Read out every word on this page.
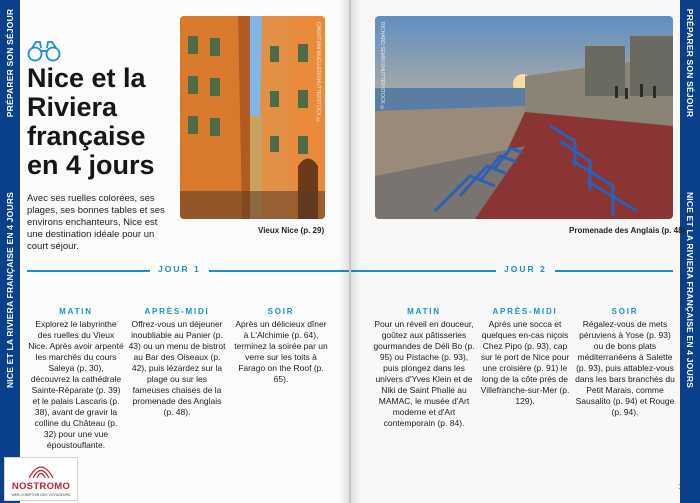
PRÉPARER SON SÉJOUR
NICE ET LA RIVIERA FRANÇAISE EN 4 JOURS
Nice et la Riviera française en 4 jours
Avec ses ruelles colorées, ses plages, ses bonnes tables et ses environs enchanteurs, Nice est une destination idéale pour un court séjour.
CHRISTIAN MUELLER/SHUTTERSTOCK ©
Vieux Nice (p. 29)
JOUR 1
MATIN
Explorez le labyrinthe des ruelles du Vieux Nice. Après avoir arpenté les marchés du cours Saleya (p. 30), découvrez la cathédrale Sainte-Réparate (p. 39) et le palais Lascaris (p. 38), avant de gravir la colline du Château (p. 32) pour une vue époustouflante.
APRÈS-MIDI
Offrez-vous un déjeuner inoubliable au Panier (p. 43) ou un menu de bistrot au Bar des Oiseaux (p. 42), puis lézardez sur la plage ou sur les fameuses chaises de la promenade des Anglais (p. 48).
SOIR
Après un délicieux dîner à L'Alchimie (p. 64), terminez la soirée par un verre sur les toits à Farago on the Roof (p. 65).
NOSTROMO
WEB COMPTOIR DES VOYAGEURS
PRÉPARER SON SÉJOUR
NICE ET LA RIVIERA FRANÇAISE EN 4 JOURS
RICHARD SEMIK/SHUTTERSTOCK ©
Promenade des Anglais (p. 48)
JOUR 2
MATIN
Pour un réveil en douceur, goûtez aux pâtisseries gourmandes de Déli Bo (p. 95) ou Pistache (p. 93), puis plongez dans les univers d'Yves Klein et de Niki de Saint Phalle au MAMAC, le musée d'Art moderne et d'Art contemporain (p. 84).
APRÈS-MIDI
Après une socca et quelques en-cas niçois Chez Pipo (p. 93), cap sur le port de Nice pour une croisière (p. 91) le long de la côte près de Villefranche-sur-Mer (p. 129).
SOIR
Régalez-vous de mets péruviens à Yose (p. 93) ou de bons plats méditerranéens à Salette (p. 93), puis attablez-vous dans les bars branchés du Petit Marais, comme Sausalito (p. 94) et Rouge (p. 94).
17
